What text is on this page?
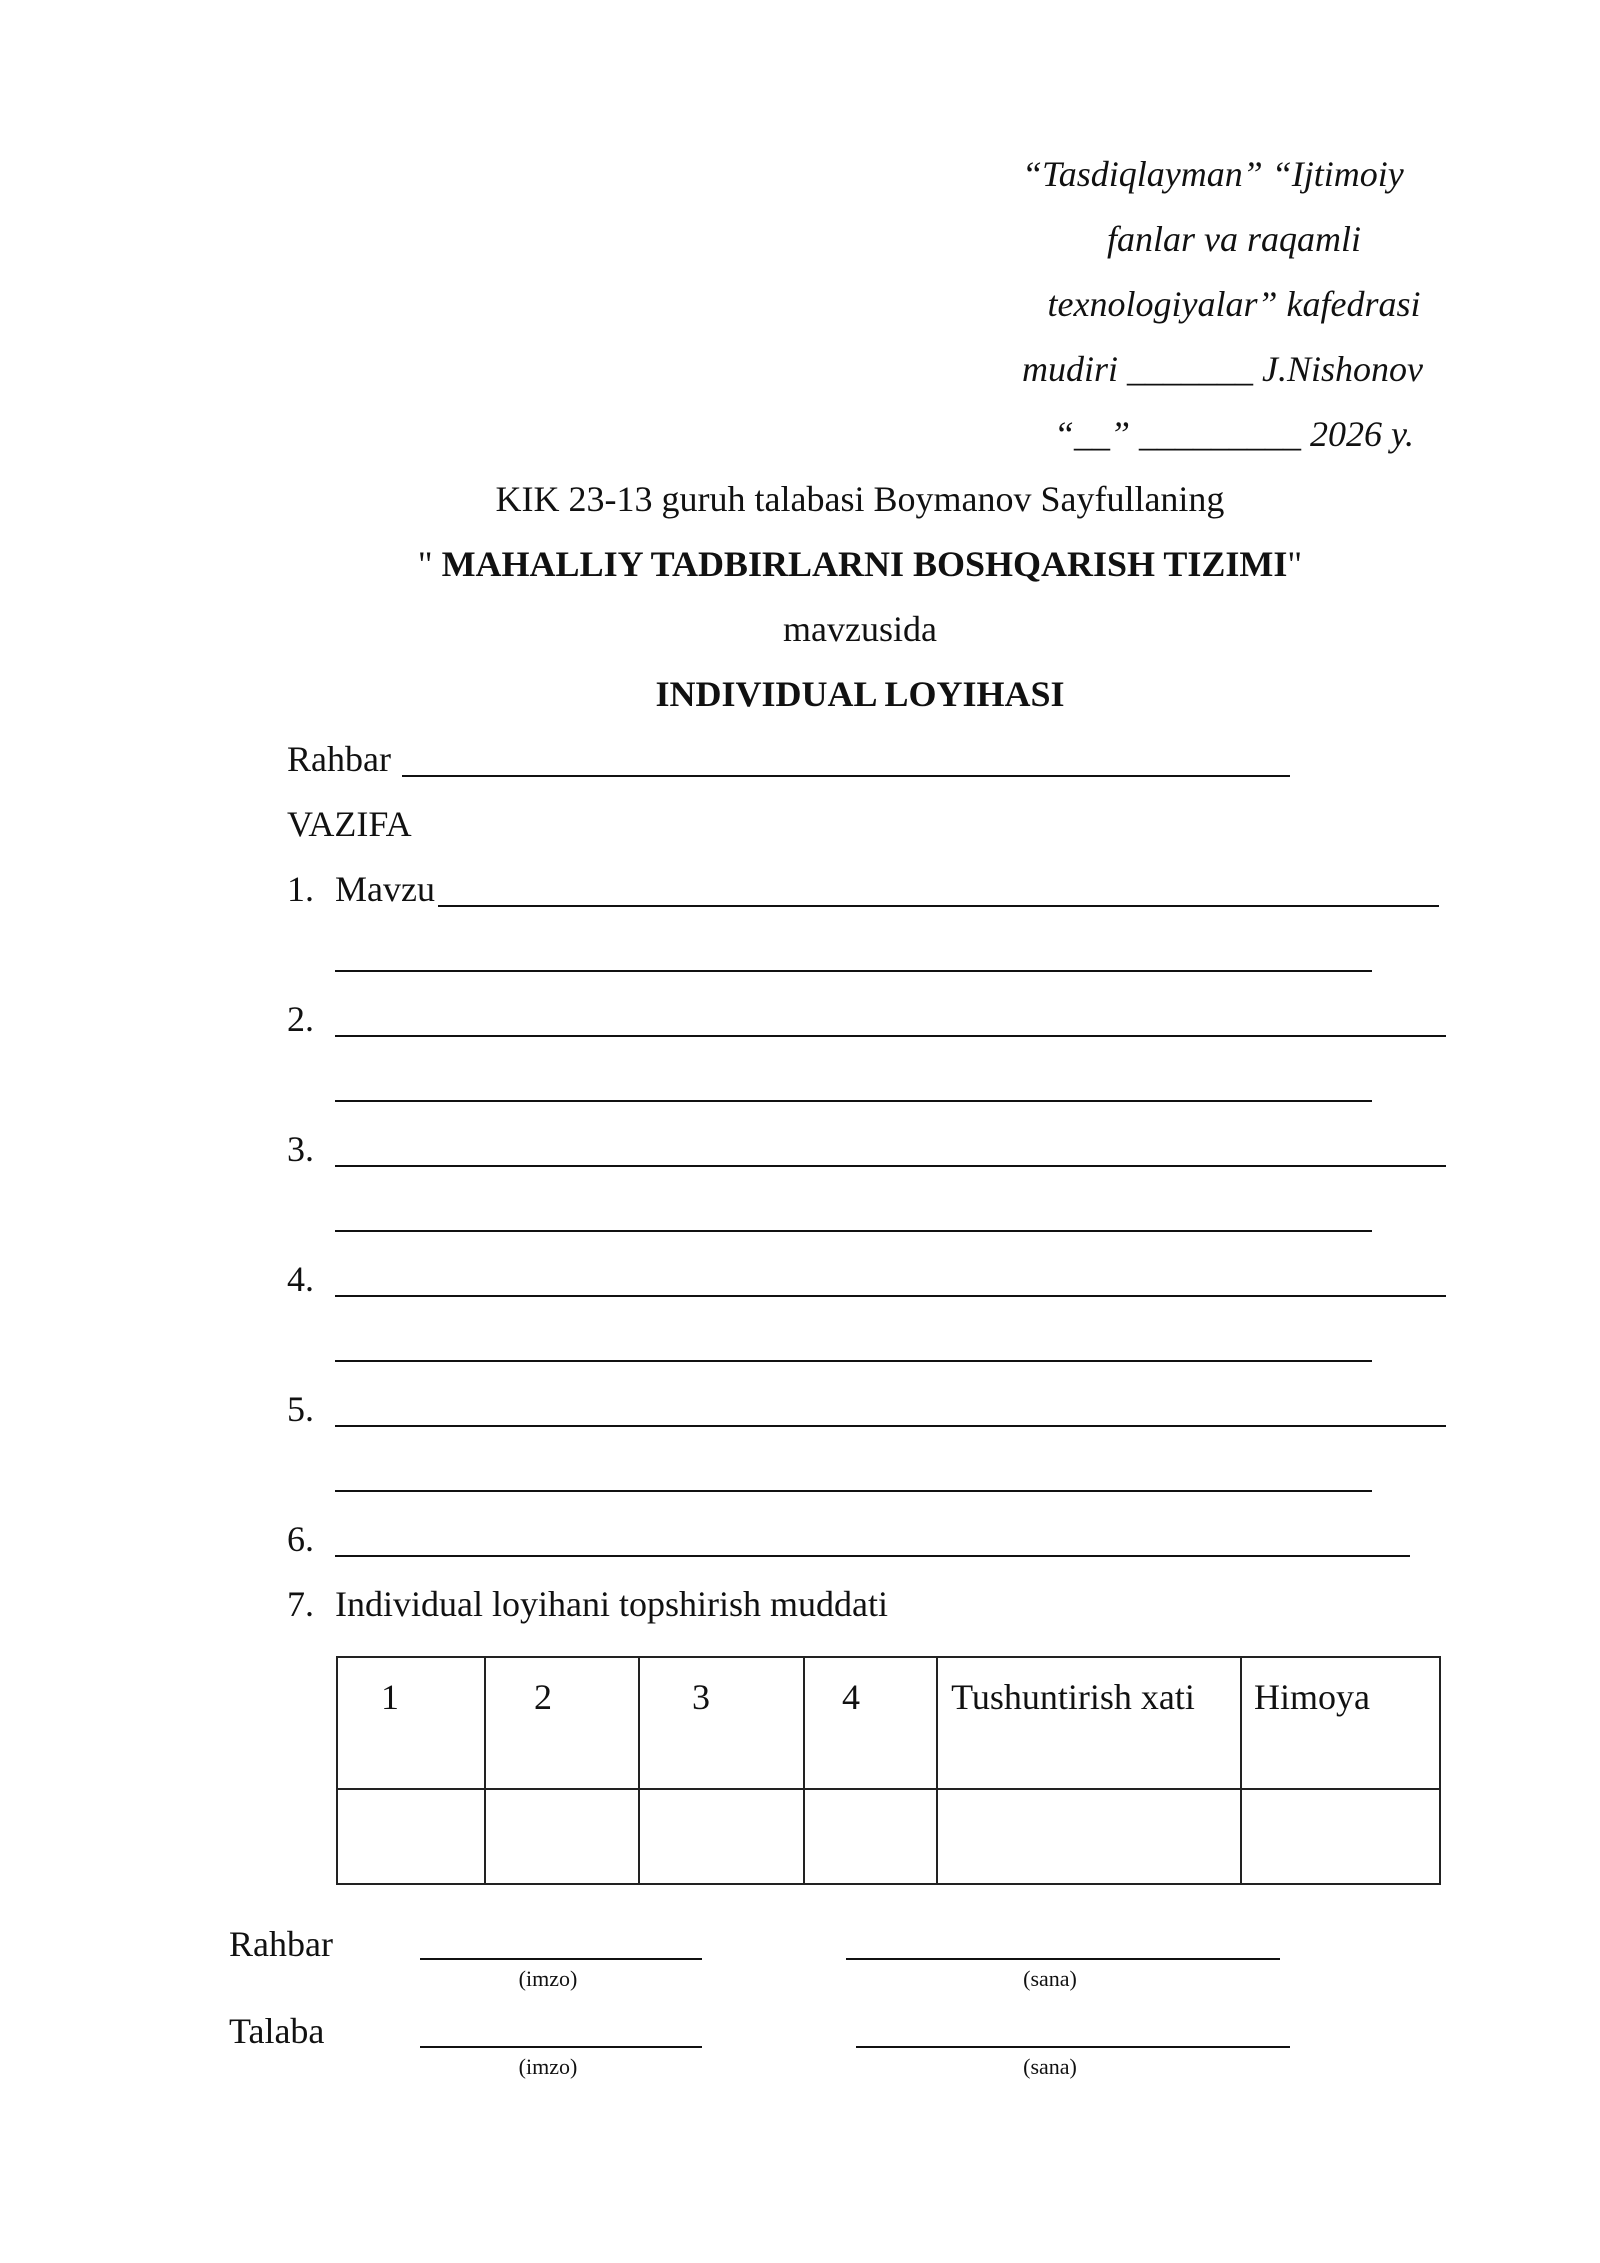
“Tasdiqlayman” “Ijtimoiy
fanlar va raqamli
texnologiyalar” kafedrasi
mudiri _______ J.Nishonov
“__” _________ 2026 y.
KIK 23-13 guruh talabasi Boymanov Sayfullaning
" MAHALLIY TADBIRLARNI BOSHQARISH TIZIMI"
mavzusida
INDIVIDUAL LOYIHASI
Rahbar
VAZIFA
1. Mavzu
2.
3.
4.
5.
6.
7. Individual loyihani topshirish muddati
1	2	3	4	Tushuntirish xati	Himoya

Rahbar
(imzo)	(sana)
Talaba
(imzo)	(sana)
